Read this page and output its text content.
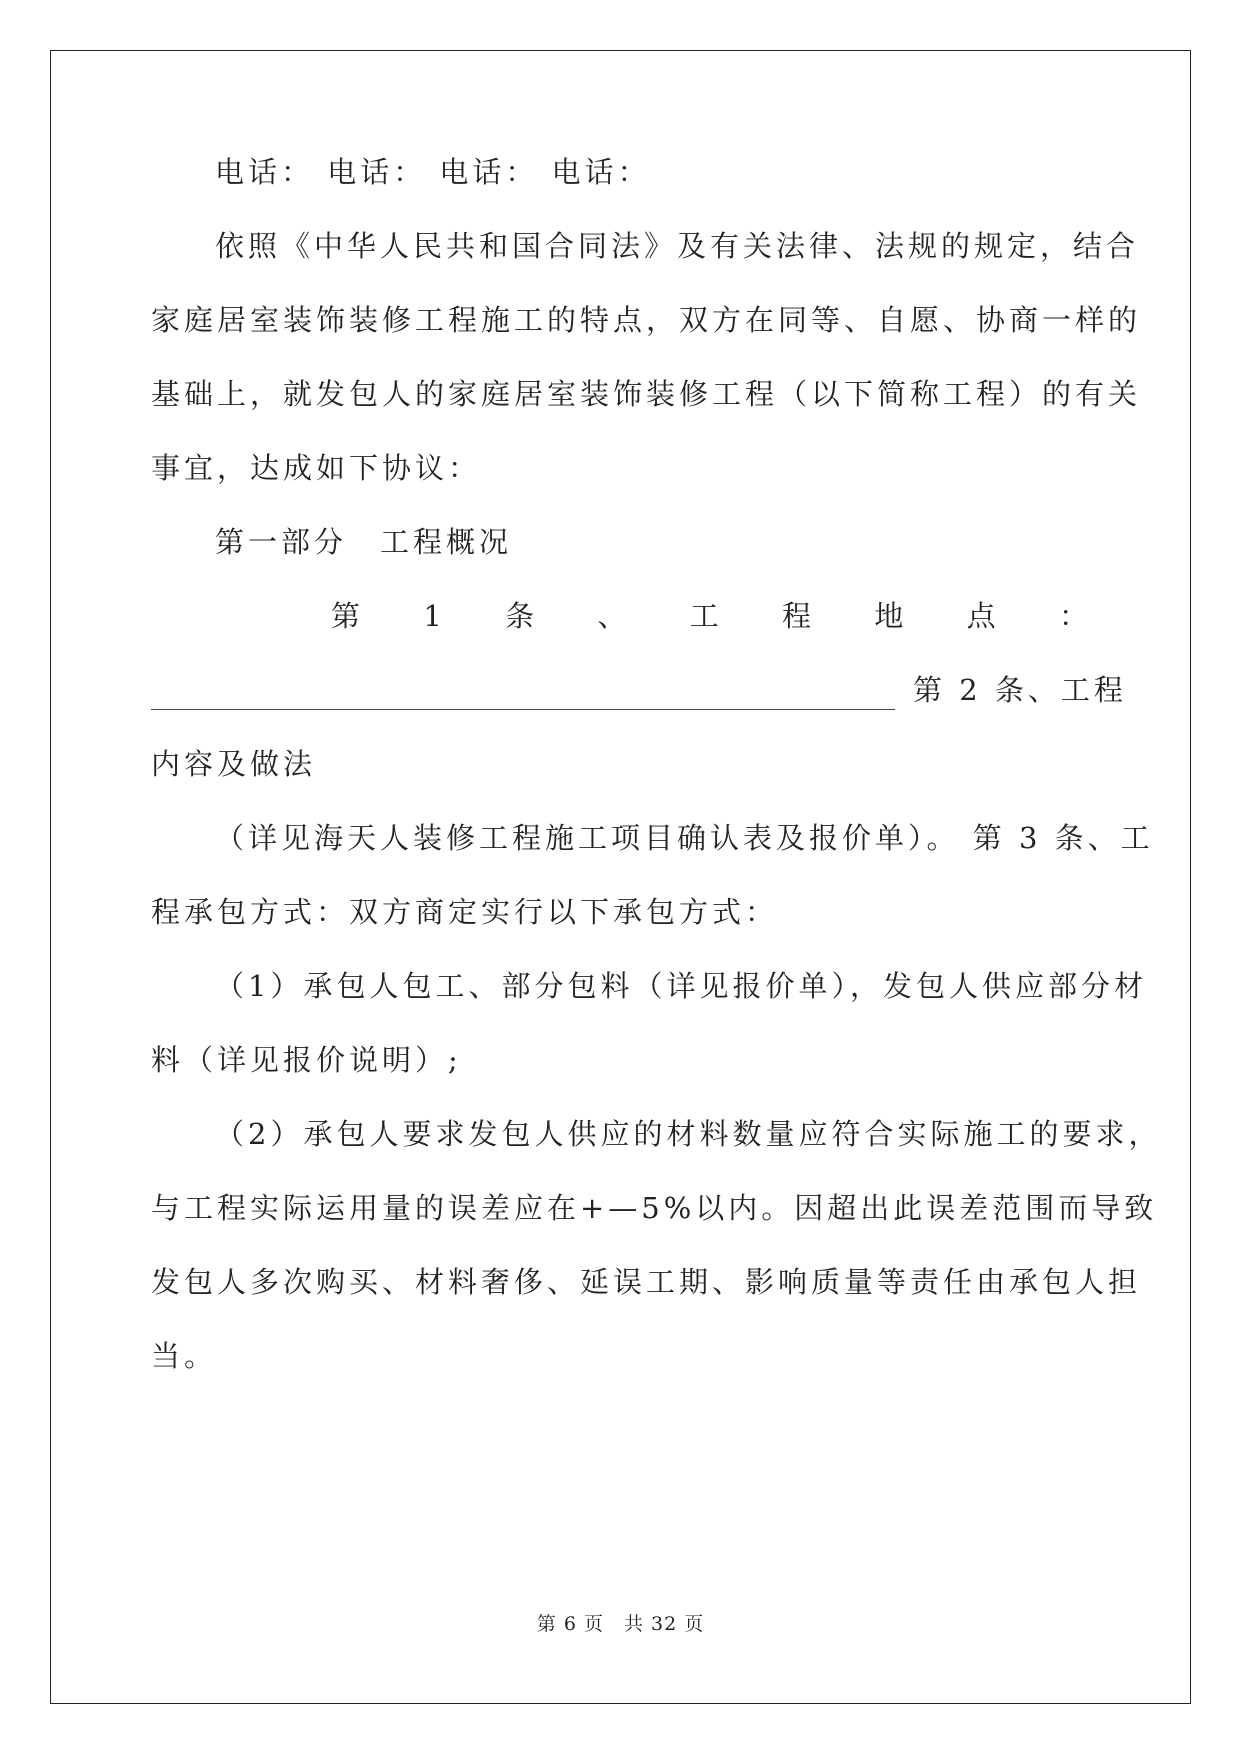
电话： 电话： 电话： 电话：
依照《中华人民共和国合同法》及有关法律、法规的规定，结合
家庭居室装饰装修工程施工的特点，双方在同等、自愿、协商一样的
基础上，就发包人的家庭居室装饰装修工程（以下简称工程）的有关
事宜，达成如下协议：
第一部分　工程概况
第 1 条 、 工 程 地 点 ：
第 2 条、工程
内容及做法
（详见海天人装修工程施工项目确认表及报价单）。 第 3 条、工
程承包方式：双方商定实行以下承包方式：
（1）承包人包工、部分包料（详见报价单），发包人供应部分材
料（详见报价说明）;
（2）承包人要求发包人供应的材料数量应符合实际施工的要求，
与工程实际运用量的误差应在+—5%以内。因超出此误差范围而导致
发包人多次购买、材料奢侈、延误工期、影响质量等责任由承包人担
当。
第 6 页　共 32 页
